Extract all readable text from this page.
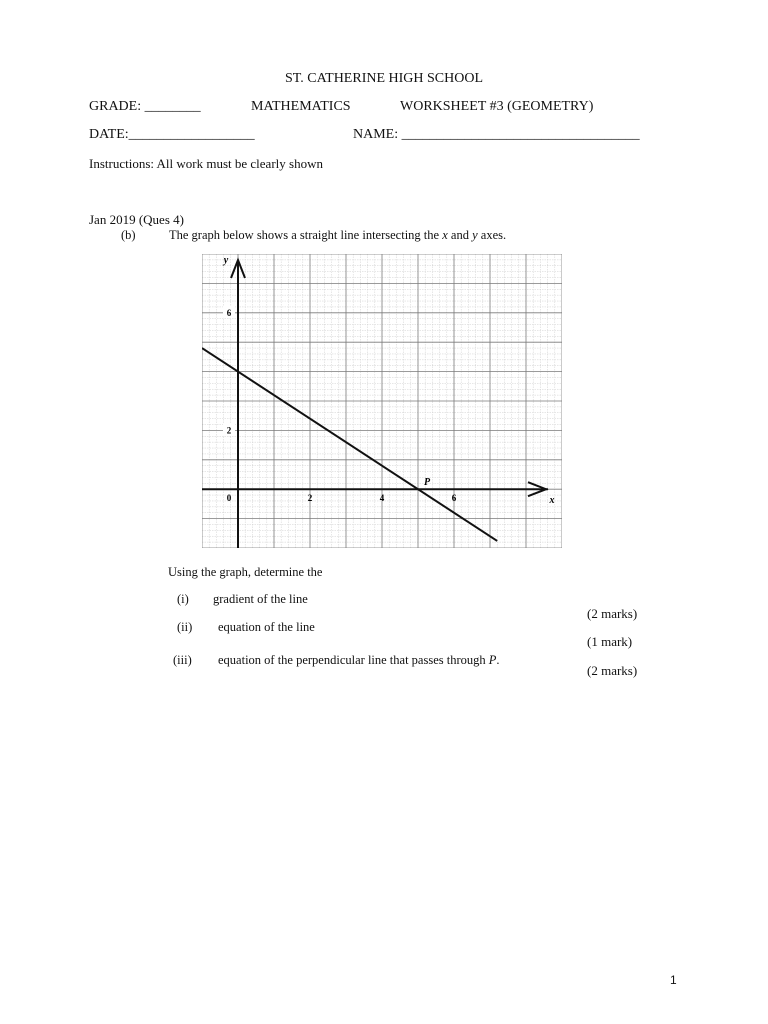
ST. CATHERINE HIGH SCHOOL
GRADE: ________	MATHEMATICS	WORKSHEET #3 (GEOMETRY)
DATE:__________________	NAME: __________________________________
Instructions: All work must be clearly shown
Jan 2019 (Ques 4)
(b)	The graph below shows a straight line intersecting the x and y axes.
0	2	4	6
2
6
x
y
P
Using the graph, determine the
(i) gradient of the line
(2 marks)
(ii) equation of the line
(1 mark)
(iii) equation of the perpendicular line that passes through P.
(2 marks)
1
